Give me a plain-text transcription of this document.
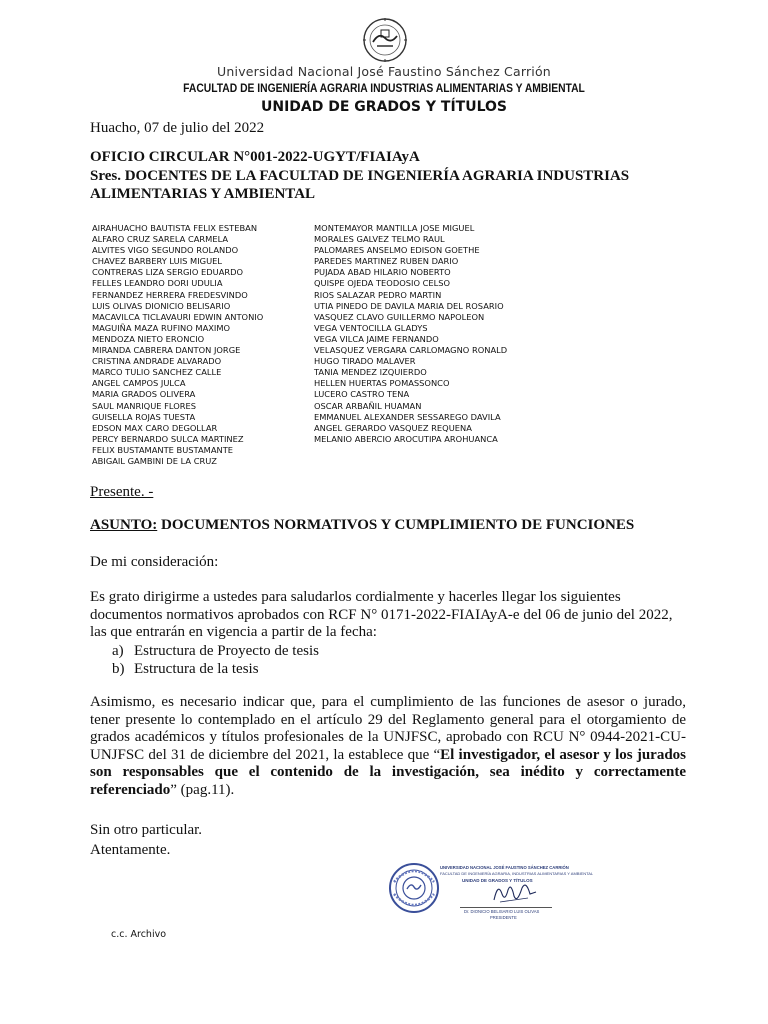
Universidad Nacional José Faustino Sánchez Carrión
FACULTAD DE INGENIERÍA AGRARIA INDUSTRIAS ALIMENTARIAS Y AMBIENTAL
UNIDAD DE GRADOS Y TÍTULOS
Huacho, 07 de julio del 2022
OFICIO CIRCULAR N°001-2022-UGYT/FIAIAyA
Sres. DOCENTES DE LA FACULTAD DE INGENIERÍA AGRARIA INDUSTRIAS ALIMENTARIAS Y AMBIENTAL
AIRAHUACHO BAUTISTA FELIX ESTEBAN
ALFARO CRUZ SARELA CARMELA
ALVITES VIGO SEGUNDO ROLANDO
CHAVEZ BARBERY LUIS MIGUEL
CONTRERAS LIZA SERGIO EDUARDO
FELLES LEANDRO DORI UDULIA
FERNANDEZ HERRERA FREDESVINDO
LUIS OLIVAS DIONICIO BELISARIO
MACAVILCA TICLAVAURI EDWIN ANTONIO
MAGUIÑA MAZA RUFINO MAXIMO
MENDOZA NIETO ERONCIO
MIRANDA CABRERA DANTON JORGE
CRISTINA ANDRADE ALVARADO
MARCO TULIO SANCHEZ CALLE
ANGEL CAMPOS JULCA
MARIA GRADOS OLIVERA
SAUL MANRIQUE FLORES
GUISELLA ROJAS TUESTA
EDSON MAX CARO DEGOLLAR
PERCY BERNARDO SULCA MARTINEZ
FELIX BUSTAMANTE BUSTAMANTE
ABIGAIL GAMBINI DE LA CRUZ
MONTEMAYOR MANTILLA JOSE MIGUEL
MORALES GALVEZ TELMO RAUL
PALOMARES ANSELMO EDISON GOETHE
PAREDES MARTINEZ RUBEN DARIO
PUJADA ABAD HILARIO NOBERTO
QUISPE OJEDA TEODOSIO CELSO
RIOS SALAZAR PEDRO MARTIN
UTIA PINEDO DE DAVILA MARIA DEL ROSARIO
VASQUEZ CLAVO GUILLERMO NAPOLEON
VEGA VENTOCILLA GLADYS
VEGA VILCA JAIME FERNANDO
VELASQUEZ VERGARA CARLOMAGNO RONALD
HUGO TIRADO MALAVER
TANIA MENDEZ IZQUIERDO
HELLEN HUERTAS POMASSONCO
LUCERO CASTRO TENA
OSCAR ARBAÑIL HUAMAN
EMMANUEL ALEXANDER SESSAREGO DAVILA
ANGEL GERARDO VASQUEZ REQUENA
MELANIO ABERCIO AROCUTIPA AROHUANCA
Presente. -
ASUNTO: DOCUMENTOS NORMATIVOS Y CUMPLIMIENTO DE FUNCIONES
De mi consideración:
Es grato dirigirme a ustedes para saludarlos cordialmente y hacerles llegar los siguientes documentos normativos aprobados con RCF N° 0171-2022-FIAIAyA-e del 06 de junio del 2022, las que entrarán en vigencia a partir de la fecha:
a) Estructura de Proyecto de tesis
b) Estructura de la tesis
Asimismo, es necesario indicar que, para el cumplimiento de las funciones de asesor o jurado, tener presente lo contemplado en el artículo 29 del Reglamento general para el otorgamiento de grados académicos y títulos profesionales de la UNJFSC, aprobado con RCU N° 0944-2021-CU-UNJFSC del 31 de diciembre del 2021, la establece que “El investigador, el asesor y los jurados son responsables que el contenido de la investigación, sea inédito y correctamente referenciado” (pag.11).
Sin otro particular.
Atentamente.
UNIVERSIDAD NACIONAL JOSÉ FAUSTINO SÁNCHEZ CARRIÓN
FACULTAD DE INGENIERÍA AGRARIA, INDUSTRIAS ALIMENTARIAS Y AMBIENTAL
UNIDAD DE GRADOS Y TÍTULOS
Dr. DIONICIO BELISARIO LUIS OLIVAS
PRESIDENTE
c.c. Archivo
